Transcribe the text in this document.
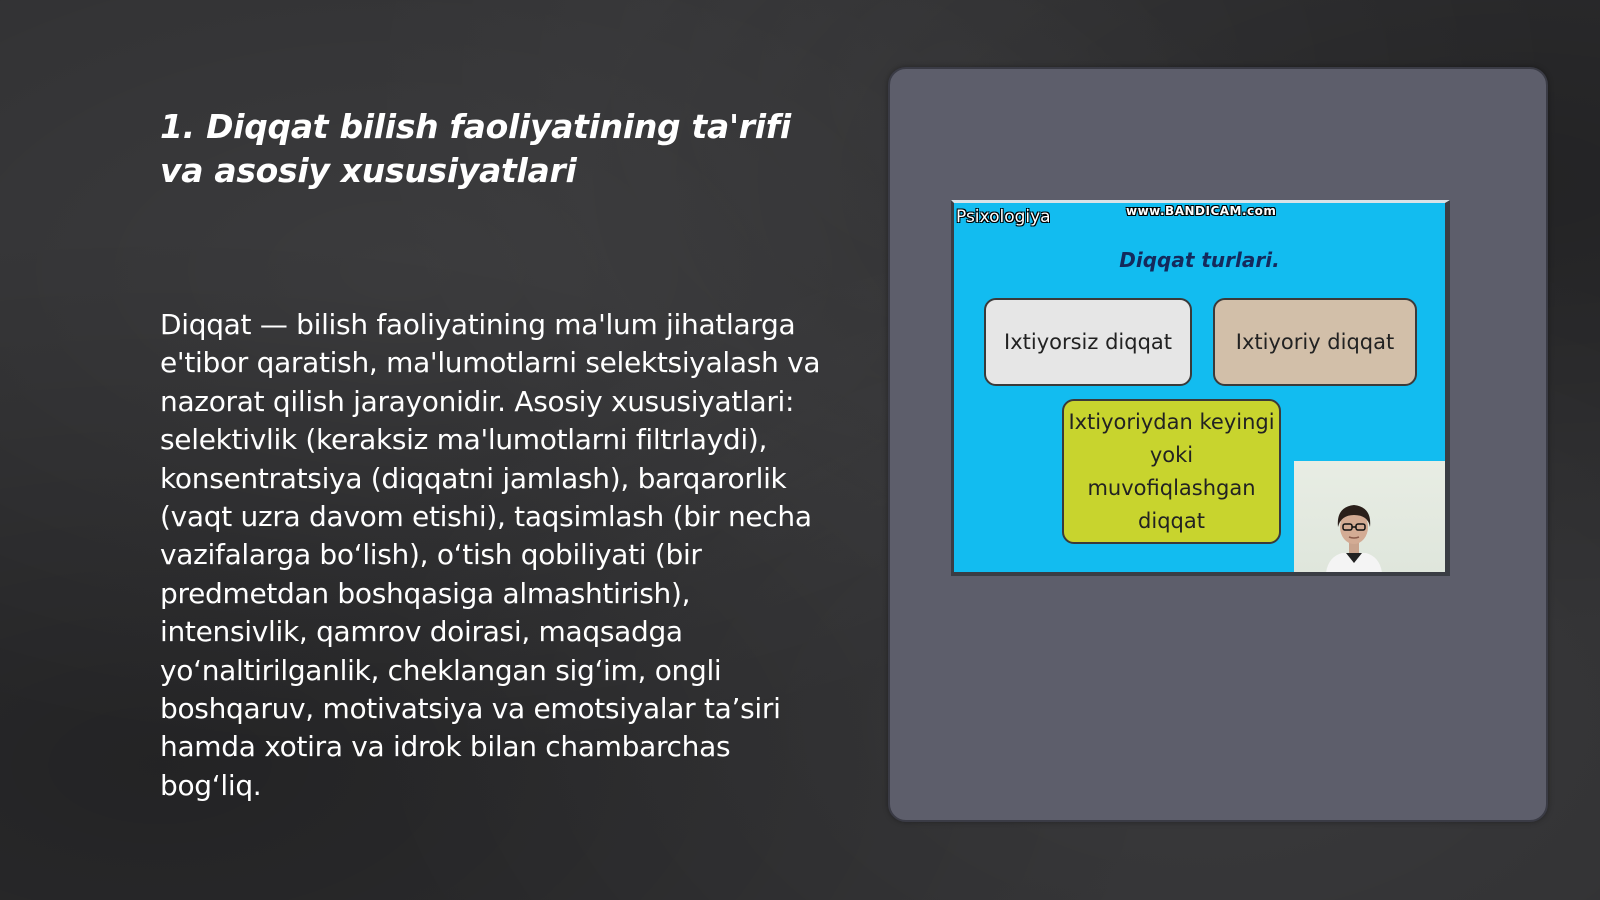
1. Diqqat bilish faoliyatining ta'rifi va asosiy xususiyatlari

Diqqat — bilish faoliyatining ma'lum jihatlarga e'tibor qaratish, ma'lumotlarni selektsiyalash va nazorat qilish jarayonidir. Asosiy xususiyatlari: selektivlik (keraksiz ma'lumotlarni filtrlaydi), konsentratsiya (diqqatni jamlash), barqarorlik (vaqt uzra davom etishi), taqsimlash (bir necha vazifalarga bo‘lish), o‘tish qobiliyati (bir predmetdan boshqasiga almashtirish), intensivlik, qamrov doirasi, maqsadga yo‘naltirilganlik, cheklangan sig‘im, ongli boshqaruv, motivatsiya va emotsiyalar ta’siri hamda xotira va idrok bilan chambarchas bog‘liq.

Psixologiya	www.BANDICAM.com
Diqqat turlari.
Ixtiyorsiz diqqat	Ixtiyoriy diqqat
Ixtiyoriydan keyingi yoki muvofiqlashgan diqqat
